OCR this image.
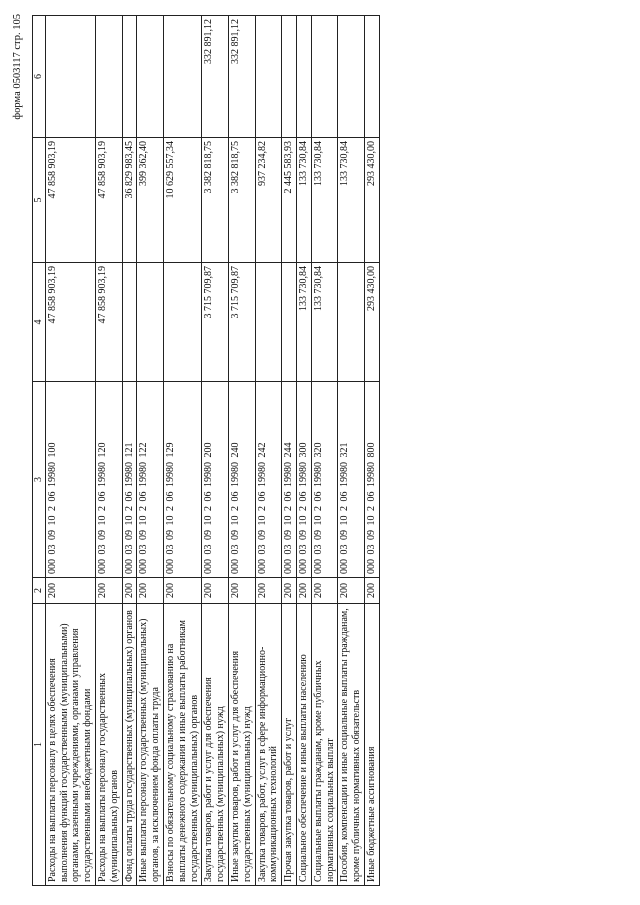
форма 0503117 стр. 105
1	2	3	4	5	6
Расходы на выплаты персоналу в целях обеспечения выполнения функций государственными (муниципальными) органами, казенными учреждениями, органами управления государственными внебюджетными фондами	200	000 03 09 10 2 06 19980 100	47 858 903,19	47 858 903,19	
Расходы на выплаты персоналу государственных (муниципальных) органов	200	000 03 09 10 2 06 19980 120	47 858 903,19	47 858 903,19	
Фонд оплаты труда государственных (муниципальных) органов	200	000 03 09 10 2 06 19980 121		36 829 983,45	
Иные выплаты персоналу государственных (муниципальных) органов, за исключением фонда оплаты труда	200	000 03 09 10 2 06 19980 122		399 362,40	
Взносы по обязательному социальному страхованию на выплаты денежного содержания и иные выплаты работникам государственных (муниципальных) органов	200	000 03 09 10 2 06 19980 129		10 629 557,34	
Закупка товаров, работ и услуг для обеспечения государственных (муниципальных) нужд	200	000 03 09 10 2 06 19980 200	3 715 709,87	3 382 818,75	332 891,12
Иные закупки товаров, работ и услуг для обеспечения государственных (муниципальных) нужд	200	000 03 09 10 2 06 19980 240	3 715 709,87	3 382 818,75	332 891,12
Закупка товаров, работ, услуг в сфере информационно-коммуникационных технологий	200	000 03 09 10 2 06 19980 242		937 234,82	
Прочая закупка товаров, работ и услуг	200	000 03 09 10 2 06 19980 244		2 445 583,93	
Социальное обеспечение и иные выплаты населению	200	000 03 09 10 2 06 19980 300	133 730,84	133 730,84	
Социальные выплаты гражданам, кроме публичных нормативных социальных выплат	200	000 03 09 10 2 06 19980 320	133 730,84	133 730,84	
Пособия, компенсации и иные социальные выплаты гражданам, кроме публичных нормативных обязательств	200	000 03 09 10 2 06 19980 321		133 730,84	
Иные бюджетные ассигнования	200	000 03 09 10 2 06 19980 800	293 430,00	293 430,00	
